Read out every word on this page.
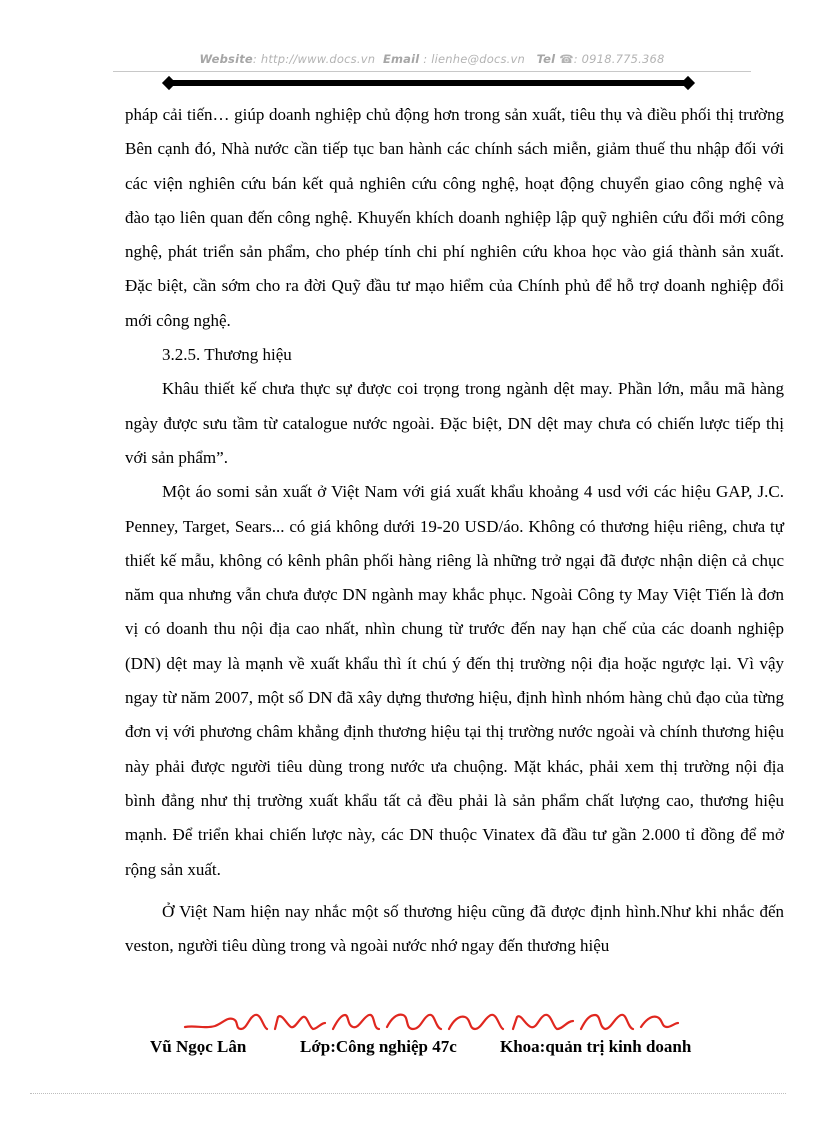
Website: http://www.docs.vn Email : lienhe@docs.vn Tel ☎: 0918.775.368

pháp cải tiến… giúp doanh nghiệp chủ động hơn trong sản xuất, tiêu thụ và điều phối thị trường Bên cạnh đó, Nhà nước cần tiếp tục ban hành các chính sách miễn, giảm thuế thu nhập đối với các viện nghiên cứu bán kết quả nghiên cứu công nghệ, hoạt động chuyển giao công nghệ và đào tạo liên quan đến công nghệ. Khuyến khích doanh nghiệp lập quỹ nghiên cứu đổi mới công nghệ, phát triển sản phẩm, cho phép tính chi phí nghiên cứu khoa học vào giá thành sản xuất. Đặc biệt, cần sớm cho ra đời Quỹ đầu tư mạo hiểm của Chính phủ để hỗ trợ doanh nghiệp đổi mới công nghệ.

3.2.5. Thương hiệu

Khâu thiết kế chưa thực sự được coi trọng trong ngành dệt may. Phần lớn, mẫu mã hàng ngày được sưu tầm từ catalogue nước ngoài. Đặc biệt, DN dệt may chưa có chiến lược tiếp thị với sản phẩm”.

Một áo somi sản xuất ở Việt Nam với giá xuất khẩu khoảng 4 usd với các hiệu GAP, J.C. Penney, Target, Sears... có giá không dưới 19-20 USD/áo. Không có thương hiệu riêng, chưa tự thiết kế mẫu, không có kênh phân phối hàng riêng là những trở ngại đã được nhận diện cả chục năm qua nhưng vẫn chưa được DN ngành may khắc phục. Ngoài Công ty May Việt Tiến là đơn vị có doanh thu nội địa cao nhất, nhìn chung từ trước đến nay hạn chế của các doanh nghiệp (DN) dệt may là mạnh về xuất khẩu thì ít chú ý đến thị trường nội địa hoặc ngược lại. Vì vậy ngay từ năm 2007, một số DN đã xây dựng thương hiệu, định hình nhóm hàng chủ đạo của từng đơn vị với phương châm khẳng định thương hiệu tại thị trường nước ngoài và chính thương hiệu này phải được người tiêu dùng trong nước ưa chuộng. Mặt khác, phải xem thị trường nội địa bình đẳng như thị trường xuất khẩu tất cả đều phải là sản phẩm chất lượng cao, thương hiệu mạnh. Để triển khai chiến lược này, các DN thuộc Vinatex đã đầu tư gần 2.000 tỉ đồng để mở rộng sản xuất.

Ở Việt Nam hiện nay nhắc một số thương hiệu cũng đã được định hình.Như khi nhắc đến veston, người tiêu dùng trong và ngoài nước nhớ ngay đến thương hiệu

Vũ Ngọc Lân	Lớp:Công nghiệp 47c	Khoa:quản trị kinh doanh
